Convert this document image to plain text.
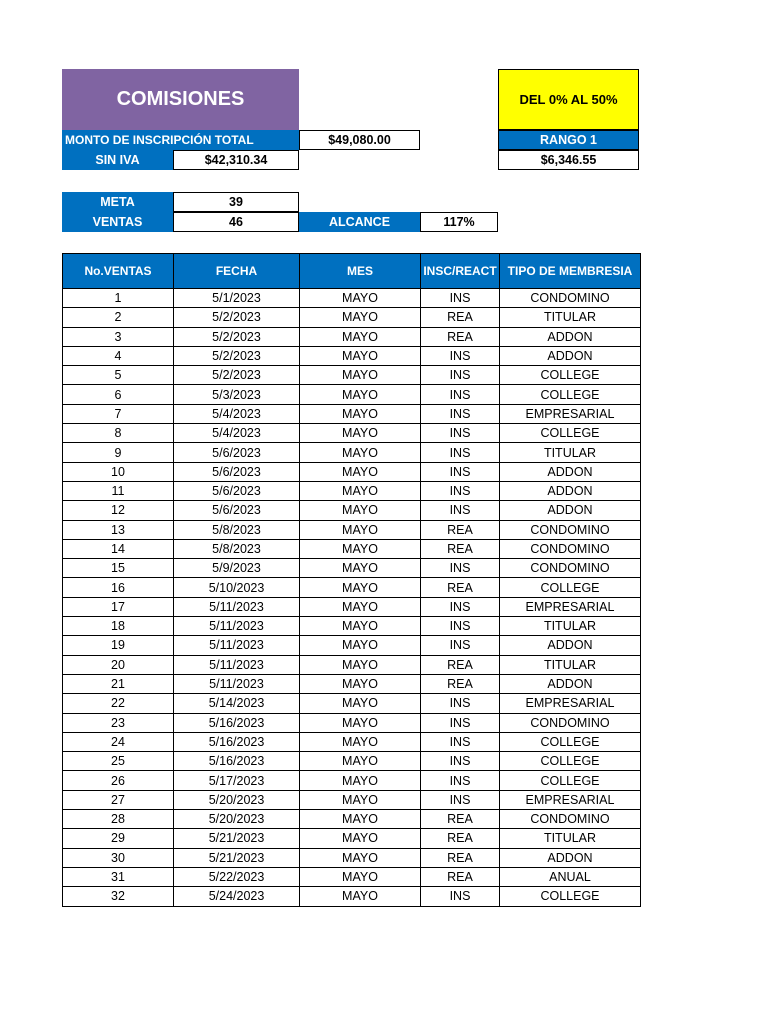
COMISIONES	DEL 0% AL 50%
MONTO DE INSCRIPCIÓN TOTAL	$49,080.00	RANGO 1
SIN IVA	$42,310.34	$6,346.55
META	39
VENTAS	46	ALCANCE	117%
No.VENTAS	FECHA	MES	INSC/REACT	TIPO DE MEMBRESIA
1	5/1/2023	MAYO	INS	CONDOMINO
2	5/2/2023	MAYO	REA	TITULAR
3	5/2/2023	MAYO	REA	ADDON
4	5/2/2023	MAYO	INS	ADDON
5	5/2/2023	MAYO	INS	COLLEGE
6	5/3/2023	MAYO	INS	COLLEGE
7	5/4/2023	MAYO	INS	EMPRESARIAL
8	5/4/2023	MAYO	INS	COLLEGE
9	5/6/2023	MAYO	INS	TITULAR
10	5/6/2023	MAYO	INS	ADDON
11	5/6/2023	MAYO	INS	ADDON
12	5/6/2023	MAYO	INS	ADDON
13	5/8/2023	MAYO	REA	CONDOMINO
14	5/8/2023	MAYO	REA	CONDOMINO
15	5/9/2023	MAYO	INS	CONDOMINO
16	5/10/2023	MAYO	REA	COLLEGE
17	5/11/2023	MAYO	INS	EMPRESARIAL
18	5/11/2023	MAYO	INS	TITULAR
19	5/11/2023	MAYO	INS	ADDON
20	5/11/2023	MAYO	REA	TITULAR
21	5/11/2023	MAYO	REA	ADDON
22	5/14/2023	MAYO	INS	EMPRESARIAL
23	5/16/2023	MAYO	INS	CONDOMINO
24	5/16/2023	MAYO	INS	COLLEGE
25	5/16/2023	MAYO	INS	COLLEGE
26	5/17/2023	MAYO	INS	COLLEGE
27	5/20/2023	MAYO	INS	EMPRESARIAL
28	5/20/2023	MAYO	REA	CONDOMINO
29	5/21/2023	MAYO	REA	TITULAR
30	5/21/2023	MAYO	REA	ADDON
31	5/22/2023	MAYO	REA	ANUAL
32	5/24/2023	MAYO	INS	COLLEGE
